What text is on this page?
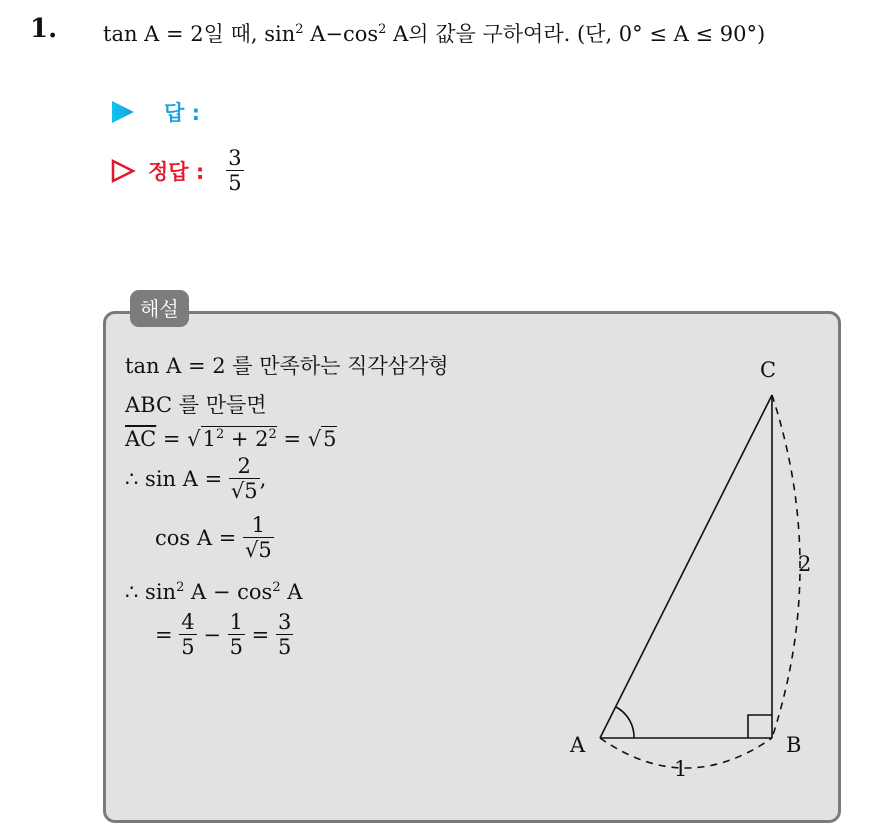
1. tan A = 2일 때, $\sin^2 A-\cos^2$ A의 값을 구하여라. (단, 0° ≤ A ≤ 90°)
답 :
정답 : $\frac{3}{5}$
해설
tan A = 2 를 만족하는 직각삼각형
ABC 를 만들면
$\overline{AC} = √1^2 + 2^2 = √5$
∴ $\sin A = \frac{2}{√5}$ ,
$\cos A = \frac{1}{√5}$
∴ $\sin^2 A - \cos^2 A$
= $\frac{4}{5} - \frac{1}{5} = \frac{3}{5}$
A	B
C
1
2
